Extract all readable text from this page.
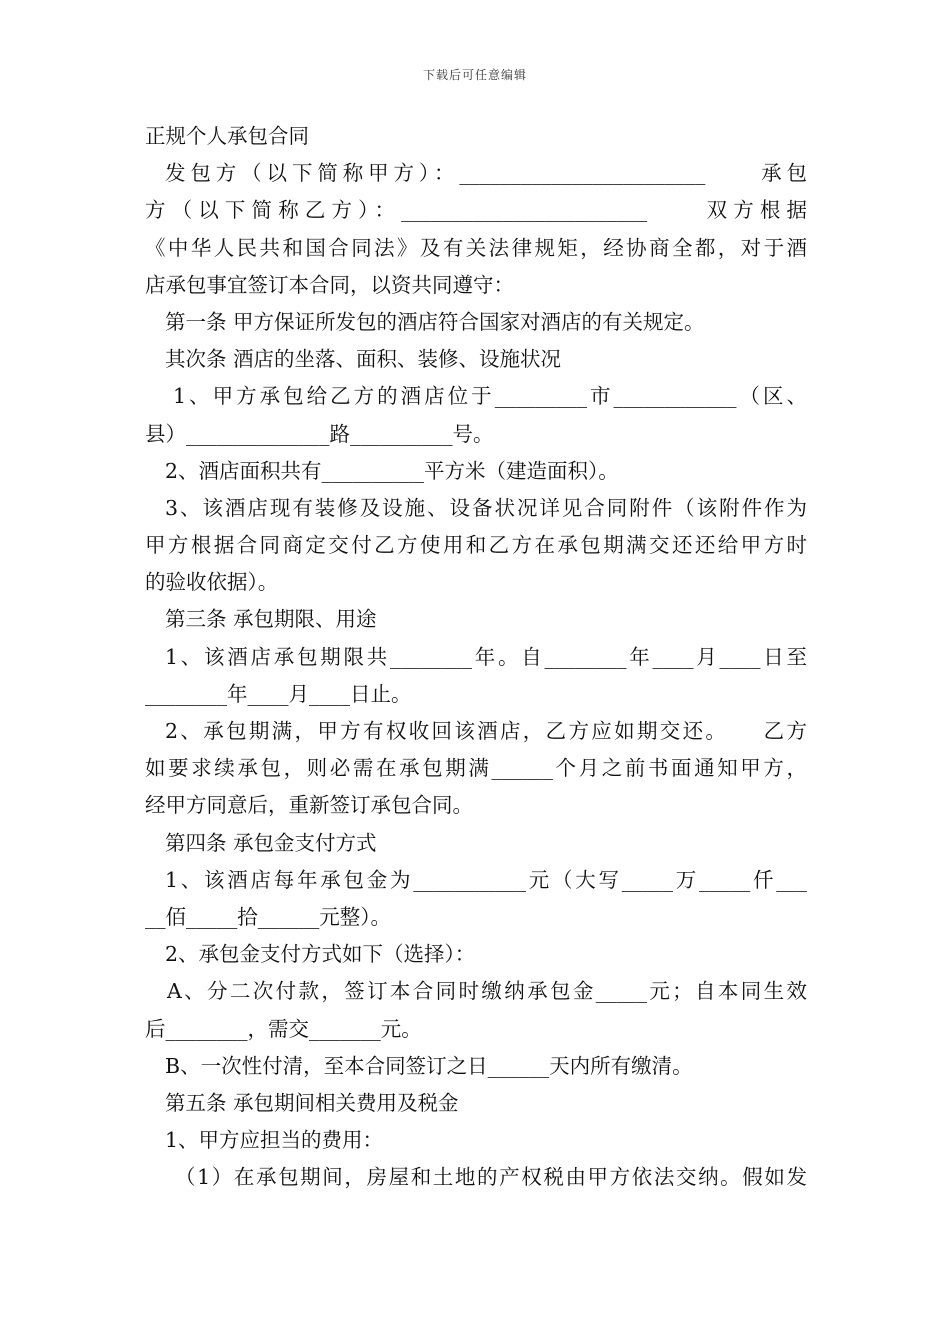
下载后可任意编辑
正规个人承包合同
发包方（以下简称甲方）：________________________　　承包
方（以下简称乙方）：________________________　　双方根据
《中华人民共和国合同法》及有关法律规矩，经协商全都，对于酒
店承包事宜签订本合同，以资共同遵守：
第一条 甲方保证所发包的酒店符合国家对酒店的有关规定。
其次条 酒店的坐落、面积、装修、设施状况
1、甲方承包给乙方的酒店位于_________市____________（区、
县）______________路__________号。
2、酒店面积共有__________平方米（建造面积）。
3、该酒店现有装修及设施、设备状况详见合同附件（该附件作为
甲方根据合同商定交付乙方使用和乙方在承包期满交还还给甲方时
的验收依据）。
第三条 承包期限、用途
1、该酒店承包期限共________年。自________年____月____日至
________年____月____日止。
2、承包期满，甲方有权收回该酒店，乙方应如期交还。　　乙方
如要求续承包，则必需在承包期满______个月之前书面通知甲方，
经甲方同意后，重新签订承包合同。
第四条 承包金支付方式
1、该酒店每年承包金为___________元（大写_____万_____仟___
__佰_____拾______元整）。
2、承包金支付方式如下（选择）：
A、分二次付款，签订本合同时缴纳承包金_____元；自本同生效
后________，需交_______元。
B、一次性付清，至本合同签订之日______天内所有缴清。
第五条 承包期间相关费用及税金
1、甲方应担当的费用：
（1）在承包期间，房屋和土地的产权税由甲方依法交纳。假如发
